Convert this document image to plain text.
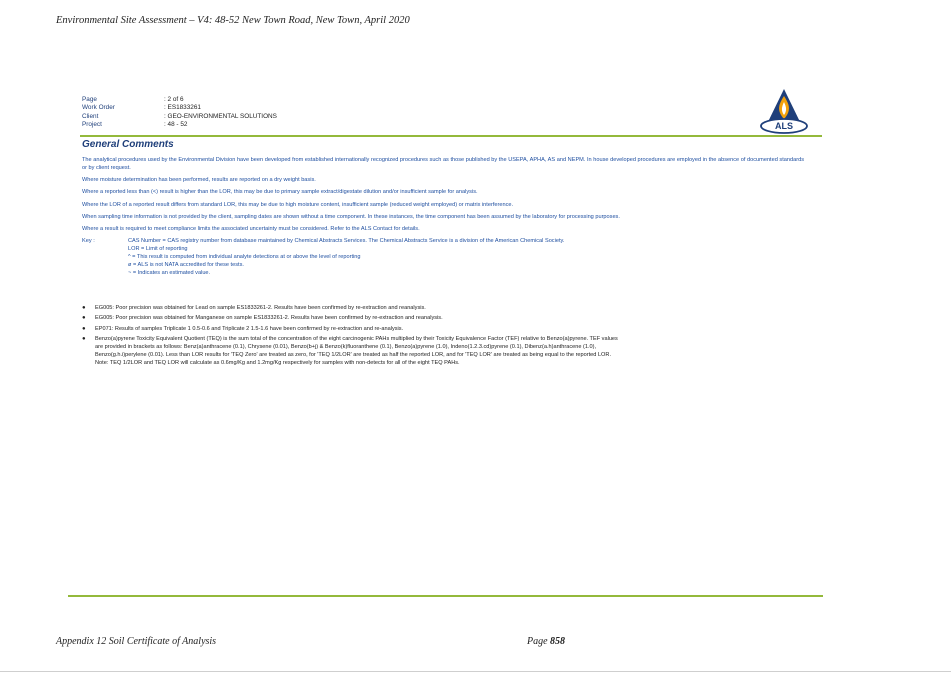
Environmental Site Assessment – V4: 48-52 New Town Road, New Town, April 2020
Page	: 2 of 6
Work Order	: ES1833261
Client	: GEO-ENVIRONMENTAL SOLUTIONS
Project	: 48 - 52	ALS
General Comments

The analytical procedures used by the Environmental Division have been developed from established internationally recognized procedures such as those published by the USEPA, APHA, AS and NEPM. In house developed procedures are employed in the absence of documented standards or by client request.

Where moisture determination has been performed, results are reported on a dry weight basis.

Where a reported less than (<) result is higher than the LOR, this may be due to primary sample extract/digestate dilution and/or insufficient sample for analysis.

Where the LOR of a reported result differs from standard LOR, this may be due to high moisture content, insufficient sample (reduced weight employed) or matrix interference.

When sampling time information is not provided by the client, sampling dates are shown without a time component. In these instances, the time component has been assumed by the laboratory for processing purposes.

Where a result is required to meet compliance limits the associated uncertainty must be considered. Refer to the ALS Contact for details.

Key :	CAS Number = CAS registry number from database maintained by Chemical Abstracts Services. The Chemical Abstracts Service is a division of the American Chemical Society.
LOR = Limit of reporting
^ = This result is computed from individual analyte detections at or above the level of reporting
ø = ALS is not NATA accredited for these tests.
~ = Indicates an estimated value.
●	EG005: Poor precision was obtained for Lead on sample ES1833261-2. Results have been confirmed by re-extraction and reanalysis.
●	EG005: Poor precision was obtained for Manganese on sample ES1833261-2. Results have been confirmed by re-extraction and reanalysis.
●	EP071: Results of samples Triplicate 1 0.5-0.6 and Triplicate 2 1.5-1.6 have been confirmed by re-extraction and re-analysis.
●	Benzo(a)pyrene Toxicity Equivalent Quotient (TEQ) is the sum total of the concentration of the eight carcinogenic PAHs multiplied by their Toxicity Equivalence Factor (TEF) relative to Benzo(a)pyrene. TEF values
are provided in brackets as follows: Benz(a)anthracene (0.1), Chrysene (0.01), Benzo(b+j) & Benzo(k)fluoranthene (0.1), Benzo(a)pyrene (1.0), Indeno(1.2.3.cd)pyrene (0.1), Dibenz(a.h)anthracene (1.0),
Benzo(g.h.i)perylene (0.01). Less than LOR results for 'TEQ Zero' are treated as zero, for 'TEQ 1/2LOR' are treated as half the reported LOR, and for 'TEQ LOR' are treated as being equal to the reported LOR.
Note: TEQ 1/2LOR and TEQ LOR will calculate as 0.6mg/Kg and 1.2mg/Kg respectively for samples with non-detects for all of the eight TEQ PAHs.
Appendix 12 Soil Certificate of Analysis	Page 858
